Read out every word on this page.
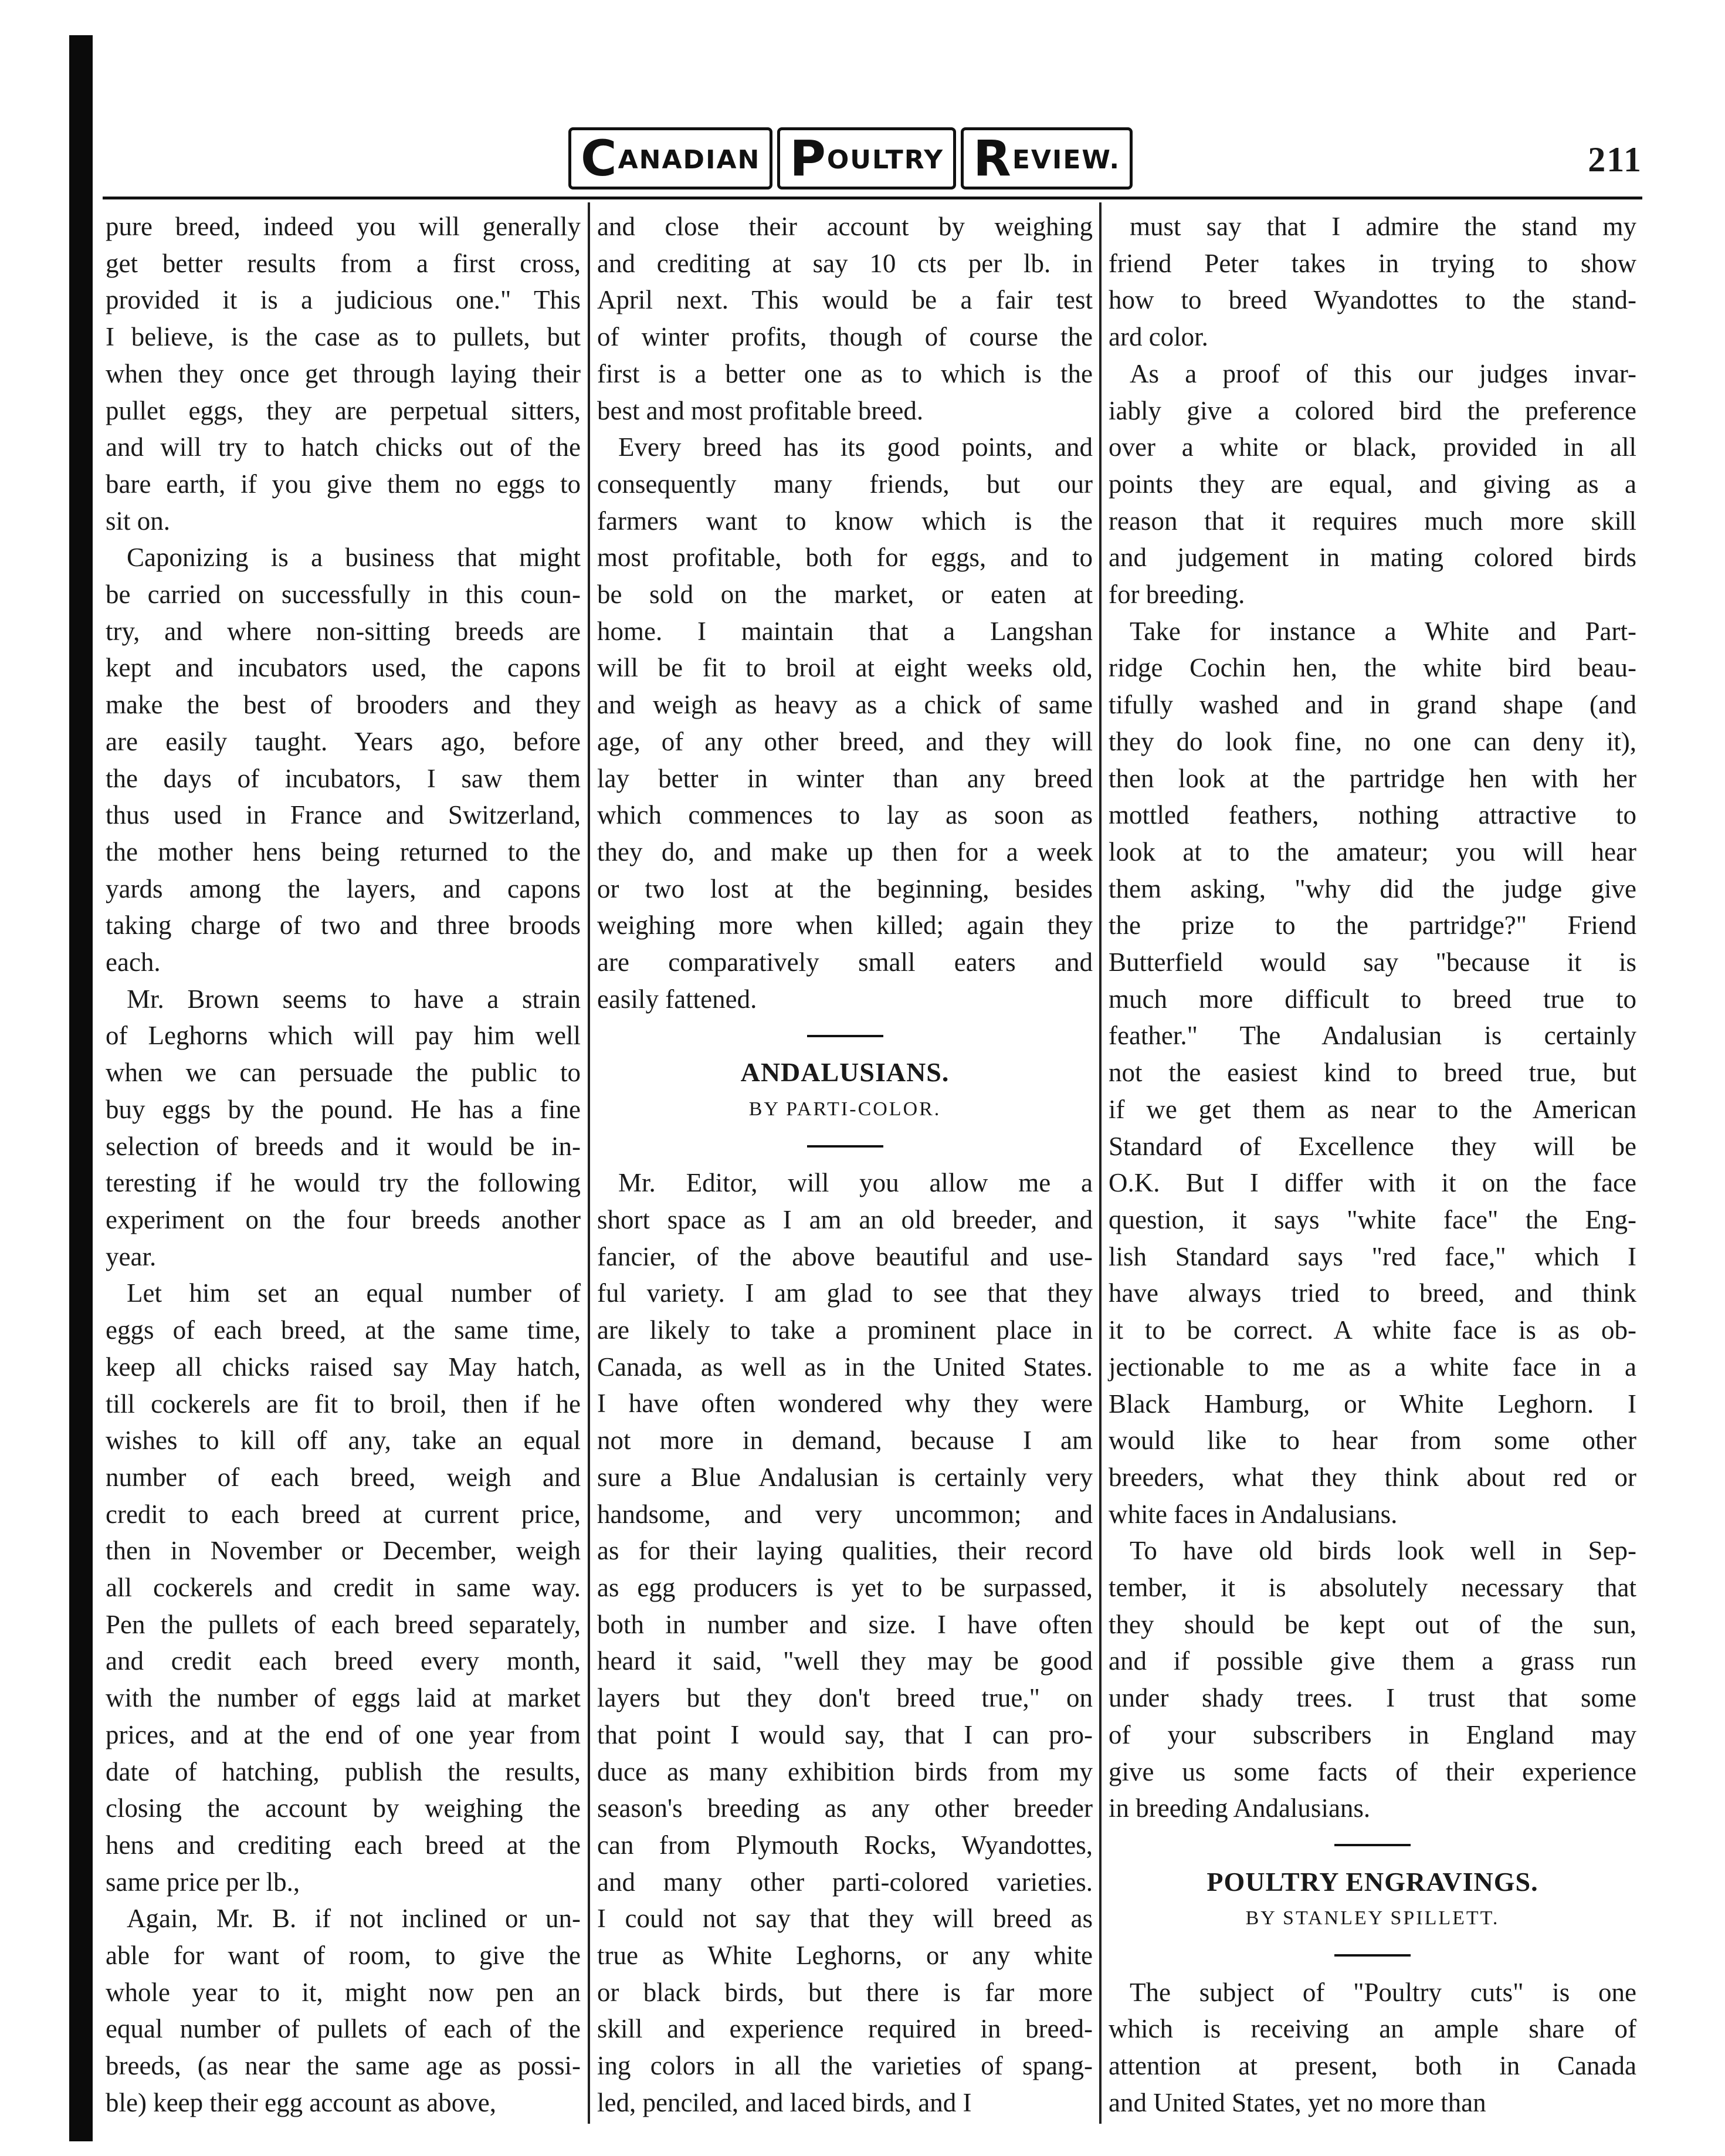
CANADIAN POULTRY REVIEW.	211

pure breed, indeed you will generally
get better results from a first cross,
provided it is a judicious one." This
I believe, is the case as to pullets, but
when they once get through laying their
pullet eggs, they are perpetual sitters,
and will try to hatch chicks out of the
bare earth, if you give them no eggs to
sit on.

Caponizing is a business that might
be carried on successfully in this coun-
try, and where non-sitting breeds are
kept and incubators used, the capons
make the best of brooders and they
are easily taught. Years ago, before
the days of incubators, I saw them
thus used in France and Switzerland,
the mother hens being returned to the
yards among the layers, and capons
taking charge of two and three broods
each.

Mr. Brown seems to have a strain
of Leghorns which will pay him well
when we can persuade the public to
buy eggs by the pound. He has a fine
selection of breeds and it would be in-
teresting if he would try the following
experiment on the four breeds another
year.

Let him set an equal number of
eggs of each breed, at the same time,
keep all chicks raised say May hatch,
till cockerels are fit to broil, then if he
wishes to kill off any, take an equal
number of each breed, weigh and
credit to each breed at current price,
then in November or December, weigh
all cockerels and credit in same way.
Pen the pullets of each breed separately,
and credit each breed every month,
with the number of eggs laid at market
prices, and at the end of one year from
date of hatching, publish the results,
closing the account by weighing the
hens and crediting each breed at the
same price per lb.,

Again, Mr. B. if not inclined or un-
able for want of room, to give the
whole year to it, might now pen an
equal number of pullets of each of the
breeds, (as near the same age as possi-
ble) keep their egg account as above,

and close their account by weighing
and crediting at say 10 cts per lb. in
April next. This would be a fair test
of winter profits, though of course the
first is a better one as to which is the
best and most profitable breed.

Every breed has its good points, and
consequently many friends, but our
farmers want to know which is the
most profitable, both for eggs, and to
be sold on the market, or eaten at
home. I maintain that a Langshan
will be fit to broil at eight weeks old,
and weigh as heavy as a chick of same
age, of any other breed, and they will
lay better in winter than any breed
which commences to lay as soon as
they do, and make up then for a week
or two lost at the beginning, besides
weighing more when killed; again they
are comparatively small eaters and
easily fattened.

ANDALUSIANS.

BY PARTI-COLOR.

Mr. Editor, will you allow me a
short space as I am an old breeder, and
fancier, of the above beautiful and use-
ful variety. I am glad to see that they
are likely to take a prominent place in
Canada, as well as in the United States.
I have often wondered why they were
not more in demand, because I am
sure a Blue Andalusian is certainly very
handsome, and very uncommon; and
as for their laying qualities, their record
as egg producers is yet to be surpassed,
both in number and size. I have often
heard it said, "well they may be good
layers but they don't breed true," on
that point I would say, that I can pro-
duce as many exhibition birds from my
season's breeding as any other breeder
can from Plymouth Rocks, Wyandottes,
and many other parti-colored varieties.
I could not say that they will breed as
true as White Leghorns, or any white
or black birds, but there is far more
skill and experience required in breed-
ing colors in all the varieties of spang-
led, penciled, and laced birds, and I

must say that I admire the stand my
friend Peter takes in trying to show
how to breed Wyandottes to the stand-
ard color.

As a proof of this our judges invar-
iably give a colored bird the preference
over a white or black, provided in all
points they are equal, and giving as a
reason that it requires much more skill
and judgement in mating colored birds
for breeding.

Take for instance a White and Part-
ridge Cochin hen, the white bird beau-
tifully washed and in grand shape (and
they do look fine, no one can deny it),
then look at the partridge hen with her
mottled feathers, nothing attractive to
look at to the amateur; you will hear
them asking, "why did the judge give
the prize to the partridge?" Friend
Butterfield would say "because it is
much more difficult to breed true to
feather." The Andalusian is certainly
not the easiest kind to breed true, but
if we get them as near to the American
Standard of Excellence they will be
O.K. But I differ with it on the face
question, it says "white face" the Eng-
lish Standard says "red face," which I
have always tried to breed, and think
it to be correct. A white face is as ob-
jectionable to me as a white face in a
Black Hamburg, or White Leghorn. I
would like to hear from some other
breeders, what they think about red or
white faces in Andalusians.

To have old birds look well in Sep-
tember, it is absolutely necessary that
they should be kept out of the sun,
and if possible give them a grass run
under shady trees. I trust that some
of your subscribers in England may
give us some facts of their experience
in breeding Andalusians.

POULTRY ENGRAVINGS.

BY STANLEY SPILLETT.

The subject of "Poultry cuts" is one
which is receiving an ample share of
attention at present, both in Canada
and United States, yet no more than
